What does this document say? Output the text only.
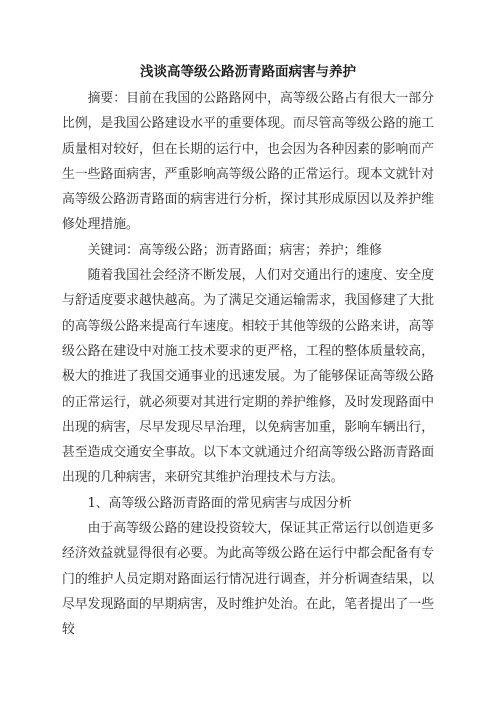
浅谈高等级公路沥青路面病害与养护

摘要：目前在我国的公路路网中，高等级公路占有很大一部分比例，是我国公路建设水平的重要体现。而尽管高等级公路的施工质量相对较好，但在长期的运行中，也会因为各种因素的影响而产生一些路面病害，严重影响高等级公路的正常运行。现本文就针对高等级公路沥青路面的病害进行分析，探讨其形成原因以及养护维修处理措施。

关键词：高等级公路；沥青路面；病害；养护；维修

随着我国社会经济不断发展，人们对交通出行的速度、安全度与舒适度要求越快越高。为了满足交通运输需求，我国修建了大批的高等级公路来提高行车速度。相较于其他等级的公路来讲，高等级公路在建设中对施工技术要求的更严格，工程的整体质量较高，极大的推进了我国交通事业的迅速发展。为了能够保证高等级公路的正常运行，就必须要对其进行定期的养护维修，及时发现路面中出现的病害，尽早发现尽早治理，以免病害加重，影响车辆出行，甚至造成交通安全事故。以下本文就通过介绍高等级公路沥青路面出现的几种病害，来研究其维护治理技术与方法。

1、高等级公路沥青路面的常见病害与成因分析

由于高等级公路的建设投资较大，保证其正常运行以创造更多经济效益就显得很有必要。为此高等级公路在运行中都会配备有专门的维护人员定期对路面运行情况进行调查，并分析调查结果，以尽早发现路面的早期病害，及时维护处治。在此，笔者提出了一些较
